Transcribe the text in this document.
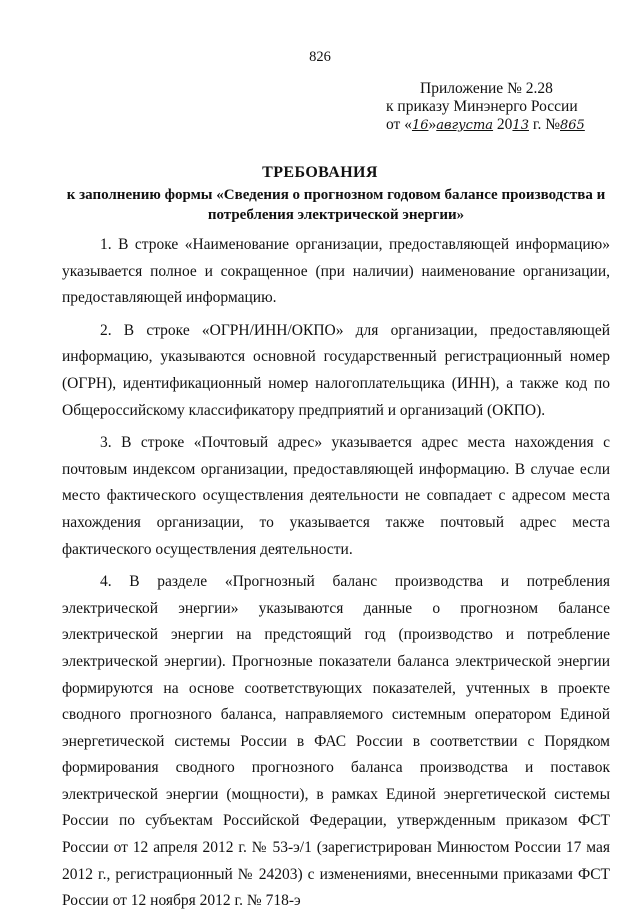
826
Приложение № 2.28
к приказу Минэнерго России
от «16»августа 2013 г. №865
ТРЕБОВАНИЯ
к заполнению формы «Сведения о прогнозном годовом балансе производства и потребления электрической энергии»

1. В строке «Наименование организации, предоставляющей информацию» указывается полное и сокращенное (при наличии) наименование организации, предоставляющей информацию.

2. В строке «ОГРН/ИНН/ОКПО» для организации, предоставляющей информацию, указываются основной государственный регистрационный номер (ОГРН), идентификационный номер налогоплательщика (ИНН), а также код по Общероссийскому классификатору предприятий и организаций (ОКПО).

3. В строке «Почтовый адрес» указывается адрес места нахождения с почтовым индексом организации, предоставляющей информацию. В случае если место фактического осуществления деятельности не совпадает с адресом места нахождения организации, то указывается также почтовый адрес места фактического осуществления деятельности.

4. В разделе «Прогнозный баланс производства и потребления электрической энергии» указываются данные о прогнозном балансе электрической энергии на предстоящий год (производство и потребление электрической энергии). Прогнозные показатели баланса электрической энергии формируются на основе соответствующих показателей, учтенных в проекте сводного прогнозного баланса, направляемого системным оператором Единой энергетической системы России в ФАС России в соответствии с Порядком формирования сводного прогнозного баланса производства и поставок электрической энергии (мощности), в рамках Единой энергетической системы России по субъектам Российской Федерации, утвержденным приказом ФСТ России от 12 апреля 2012 г. № 53-э/1 (зарегистрирован Минюстом России 17 мая 2012 г., регистрационный № 24203) с изменениями, внесенными приказами ФСТ России от 12 ноября 2012 г. № 718-э
